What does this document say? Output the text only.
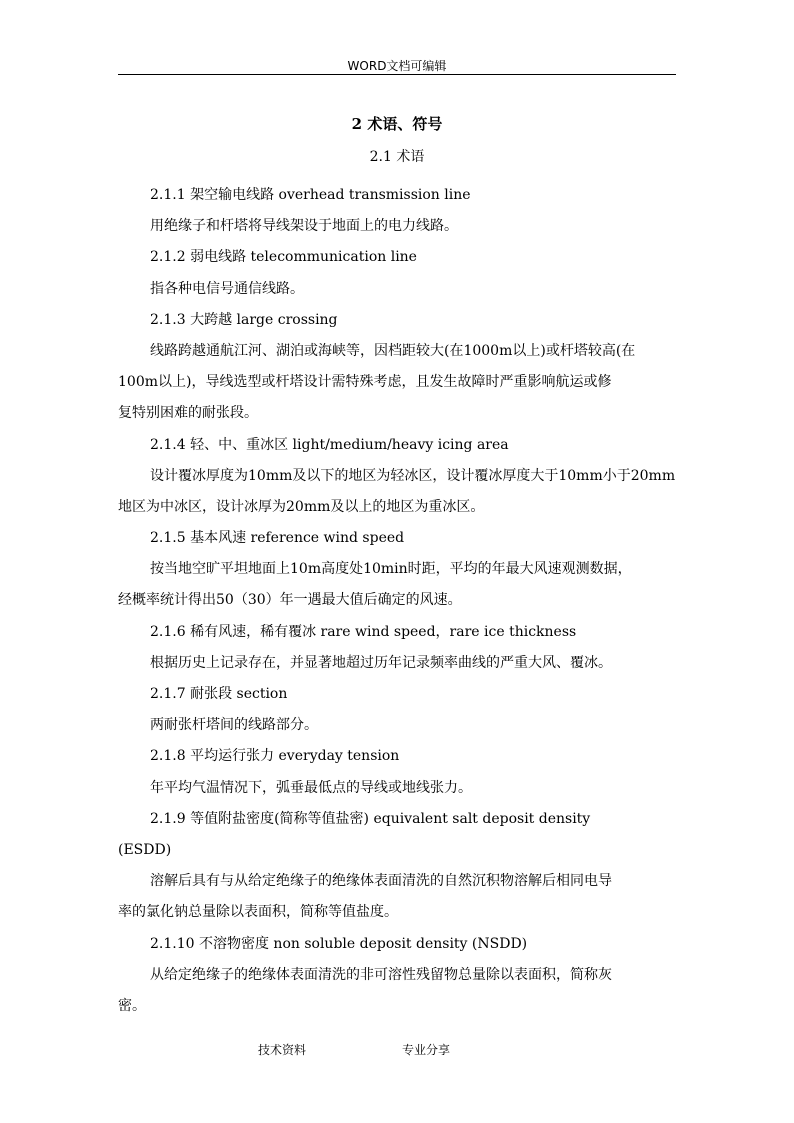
WORD文档可编辑
2 术语、符号
2.1 术语
2.1.1 架空输电线路 overhead transmission line
用绝缘子和杆塔将导线架设于地面上的电力线路。
2.1.2 弱电线路 telecommunication line
指各种电信号通信线路。
2.1.3 大跨越 large crossing
线路跨越通航江河、湖泊或海峡等，因档距较大(在1000m以上)或杆塔较高(在
100m以上)，导线选型或杆塔设计需特殊考虑，且发生故障时严重影响航运或修
复特别困难的耐张段。
2.1.4 轻、中、重冰区 light/medium/heavy icing area
设计覆冰厚度为10mm及以下的地区为轻冰区，设计覆冰厚度大于10mm小于20mm
地区为中冰区，设计冰厚为20mm及以上的地区为重冰区。
2.1.5 基本风速 reference wind speed
按当地空旷平坦地面上10m高度处10min时距，平均的年最大风速观测数据，
经概率统计得出50（30）年一遇最大值后确定的风速。
2.1.6 稀有风速，稀有覆冰 rare wind speed，rare ice thickness
根据历史上记录存在，并显著地超过历年记录频率曲线的严重大风、覆冰。
2.1.7 耐张段 section
两耐张杆塔间的线路部分。
2.1.8 平均运行张力 everyday tension
年平均气温情况下，弧垂最低点的导线或地线张力。
2.1.9 等值附盐密度(简称等值盐密) equivalent salt deposit density
(ESDD)
溶解后具有与从给定绝缘子的绝缘体表面清洗的自然沉积物溶解后相同电导
率的氯化钠总量除以表面积，简称等值盐度。
2.1.10 不溶物密度 non soluble deposit density (NSDD)
从给定绝缘子的绝缘体表面清洗的非可溶性残留物总量除以表面积，简称灰
密。
技术资料	专业分享
